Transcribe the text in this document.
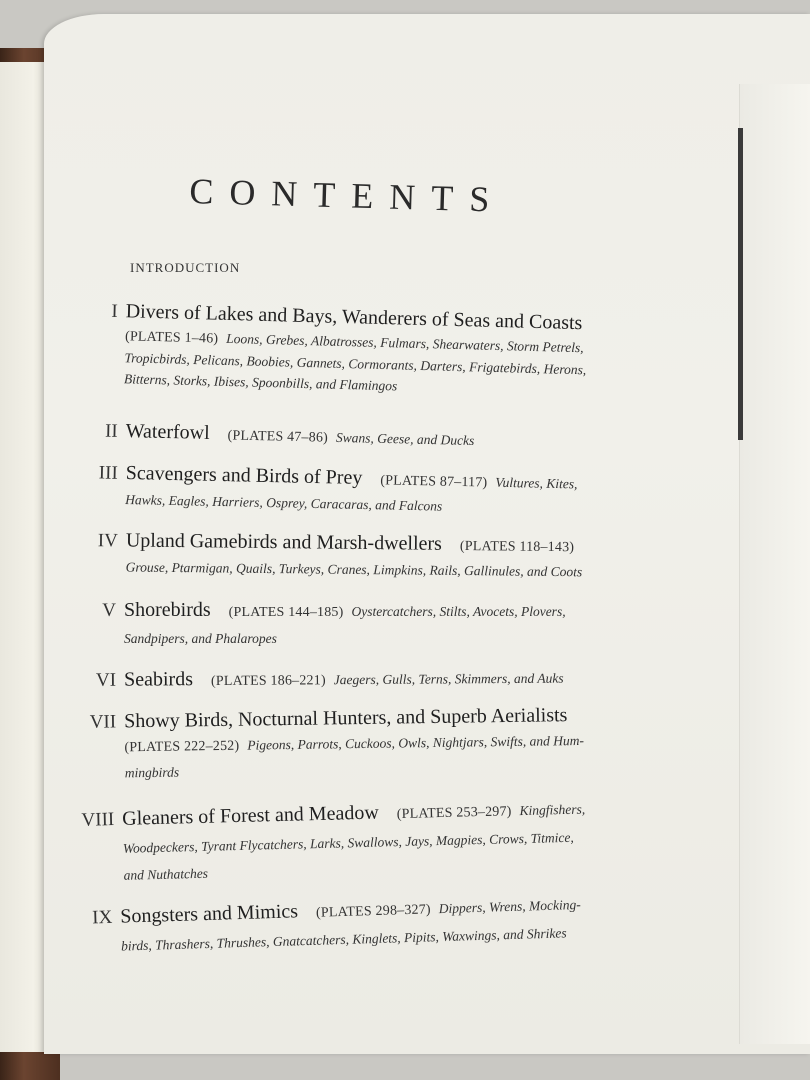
CONTENTS
INTRODUCTION
I Divers of Lakes and Bays, Wanderers of Seas and Coasts
(PLATES 1–46) Loons, Grebes, Albatrosses, Fulmars, Shearwaters, Storm Petrels,
Tropicbirds, Pelicans, Boobies, Gannets, Cormorants, Darters, Frigatebirds, Herons,
Bitterns, Storks, Ibises, Spoonbills, and Flamingos
II Waterfowl (PLATES 47–86) Swans, Geese, and Ducks
III Scavengers and Birds of Prey (PLATES 87–117) Vultures, Kites,
Hawks, Eagles, Harriers, Osprey, Caracaras, and Falcons
IV Upland Gamebirds and Marsh-dwellers (PLATES 118–143)
Grouse, Ptarmigan, Quails, Turkeys, Cranes, Limpkins, Rails, Gallinules, and Coots
V Shorebirds (PLATES 144–185) Oystercatchers, Stilts, Avocets, Plovers,
Sandpipers, and Phalaropes
VI Seabirds (PLATES 186–221) Jaegers, Gulls, Terns, Skimmers, and Auks
VII Showy Birds, Nocturnal Hunters, and Superb Aerialists
(PLATES 222–252) Pigeons, Parrots, Cuckoos, Owls, Nightjars, Swifts, and Hum-
mingbirds
VIII Gleaners of Forest and Meadow (PLATES 253–297) Kingfishers,
Woodpeckers, Tyrant Flycatchers, Larks, Swallows, Jays, Magpies, Crows, Titmice,
and Nuthatches
IX Songsters and Mimics (PLATES 298–327) Dippers, Wrens, Mocking-
birds, Thrashers, Thrushes, Gnatcatchers, Kinglets, Pipits, Waxwings, and Shrikes
